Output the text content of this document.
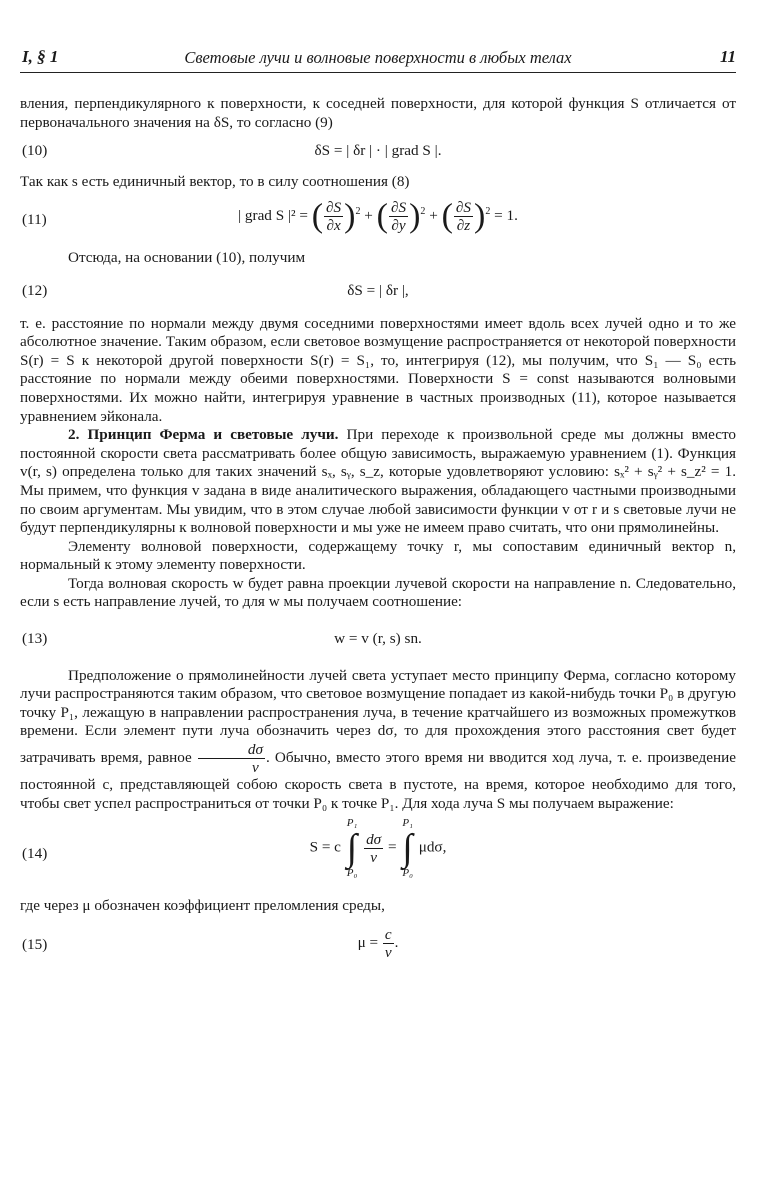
I, § 1	Световые лучи и волновые поверхности в любых телах	11

вления, перпендикулярного к поверхности, к соседней поверхности, для которой функция S отличается от первоначального значения на δS, то согласно (9)

(10)	δS = | δr | · | grad S |.

Так как s есть единичный вектор, то в силу соотношения (8)

(11)	| grad S |² = ( $\frac{\partial S}{\partial x} )^2$ + ( $\frac{\partial S}{\partial y} )^2$ + ( $\frac{\partial S}{\partial z} )^2 = 1$.

Отсюда, на основании (10), получим

(12)	δS = | δr |,

т. е. расстояние по нормали между двумя соседними поверхностями имеет вдоль всех лучей одно и то же абсолютное значение. Таким образом, если световое возмущение распространяется от некоторой поверхности S(r) = S к некоторой другой поверхности S(r) = S₁, то, интегрируя (12), мы получим, что S₁ — S₀ есть расстояние по нормали между обеими поверхностями. Поверхности S = const называются волновыми поверхностями. Их можно найти, интегрируя уравнение в частных производных (11), которое называется уравнением эйконала.

2. Принцип Ферма и световые лучи. При переходе к произвольной среде мы должны вместо постоянной скорости света рассматривать более общую зависимость, выражаемую уравнением (1). Функция v(r, s) определена только для таких значений sₓ, sᵧ, s_z, которые удовлетворяют условию: sₓ² + sᵧ² + s_z² = 1. Мы примем, что функция v задана в виде аналитического выражения, обладающего частными производными по своим аргументам. Мы увидим, что в этом случае любой зависимости функции v от r и s световые лучи не будут перпендикулярны к волновой поверхности и мы уже не имеем право считать, что они прямолинейны.

Элементу волновой поверхности, содержащему точку r, мы сопоставим единичный вектор n, нормальный к этому элементу поверхности.

Тогда волновая скорость w будет равна проекции лучевой скорости на направление n. Следовательно, если s есть направление лучей, то для w мы получаем соотношение:

(13)	w = v (r, s) sn.

Предположение о прямолинейности лучей света уступает место принципу Ферма, согласно которому лучи распространяются таким образом, что световое возмущение попадает из какой-нибудь точки P₀ в другую точку P₁, лежащую в направлении распространения луча, в течение кратчайшего из возможных промежутков времени. Если элемент пути луча обозначить через dσ, то для прохождения этого расстояния свет будет затрачивать время, равное $\frac{d\sigma}{v}$ . Обычно, вместо этого время ни вводится ход луча, т. е. произведение постоянной c, представляющей собою скорость света в пустоте, на время, которое необходимо для того, чтобы свет успел распространиться от точки P₀ к точке P₁. Для хода луча S мы получаем выражение:

(14)	S = c
P₁
∫
P₀

$\frac{d\sigma}{v}$ =
P₁
∫
P₀
μdσ,

где через μ обозначен коэффициент преломления среды,

(15)	$\mu = \frac{c}{v}$ .
